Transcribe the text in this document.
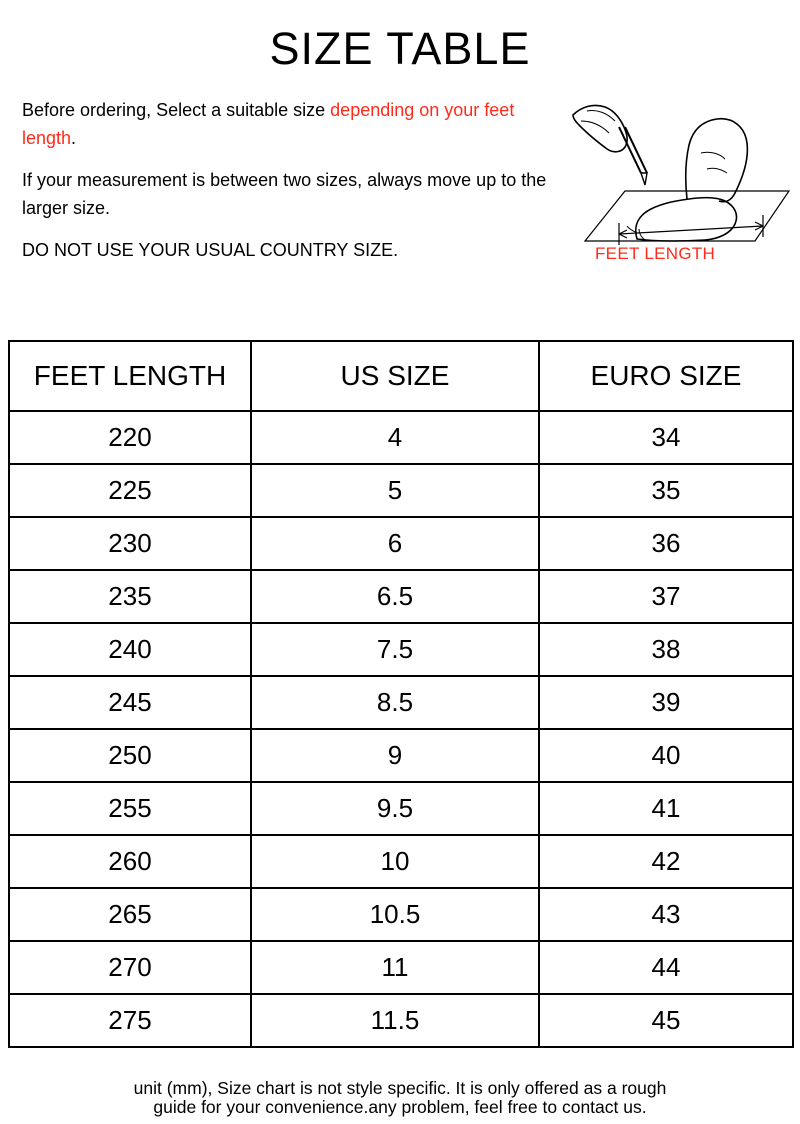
SIZE TABLE

Before ordering, Select a suitable size depending on your feet length.

If your measurement is between two sizes, always move up to the larger size.

DO NOT USE YOUR USUAL COUNTRY SIZE.	FEET LENGTH
FEET LENGTH	US SIZE	EURO SIZE
220	4	34
225	5	35
230	6	36
235	6.5	37
240	7.5	38
245	8.5	39
250	9	40
255	9.5	41
260	10	42
265	10.5	43
270	11	44
275	11.5	45
unit (mm), Size chart is not style specific. It is only offered as a rough
guide for your convenience.any problem, feel free to contact us.
